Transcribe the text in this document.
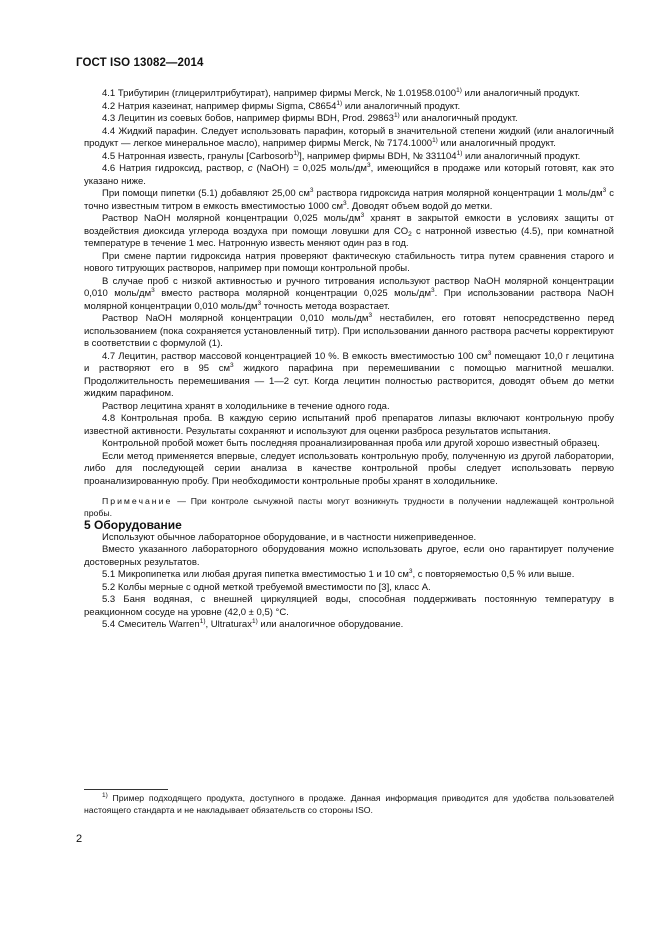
ГОСТ ISO 13082—2014

4.1 Трибутирин (глицерилтрибутират), например фирмы Merck, № 1.01958.0100$^{1)}$ или аналогичный продукт.

4.2 Натрия казеинат, например фирмы Sigma, C8654$^{1)}$ или аналогичный продукт.

4.3 Лецитин из соевых бобов, например фирмы BDH, Prod. 29863$^{1)}$ или аналогичный продукт.

4.4 Жидкий парафин. Следует использовать парафин, который в значительной степени жидкий (или аналогичный продукт — легкое минеральное масло), например фирмы Merck, № 7174.1000$^{1)}$ или аналогичный продукт.

4.5 Натронная известь, гранулы [Carbosorb$^{1)}$], например фирмы BDH, № 331104$^{1)}$ или аналогичный продукт.

4.6 Натрия гидроксид, раствор, c (NaOH) = 0,025 моль/$дм^3$, имеющийся в продаже или который готовят, как это указано ниже.

При помощи пипетки (5.1) добавляют 25,00 $см^3$ раствора гидроксида натрия молярной концентрации 1 моль/$дм^3$ с точно известным титром в емкость вместимостью 1000 $см^3$. Доводят объем водой до метки.

Раствор NaOH молярной концентрации 0,025 моль/$дм^3$ хранят в закрытой емкости в условиях защиты от воздействия диоксида углерода воздуха при помощи ловушки для $CO_2$ с натронной известью (4.5), при комнатной температуре в течение 1 мес. Натронную известь меняют один раз в год.

При смене партии гидроксида натрия проверяют фактическую стабильность титра путем сравнения старого и нового титрующих растворов, например при помощи контрольной пробы.

В случае проб с низкой активностью и ручного титрования используют раствор NaOH молярной концентрации 0,010 моль/$дм^3$ вместо раствора молярной концентрации 0,025 моль/$дм^3$. При использовании раствора NaOH молярной концентрации 0,010 моль/$дм^3$ точность метода возрастает.

Раствор NaOH молярной концентрации 0,010 моль/$дм^3$ нестабилен, его готовят непосредственно перед использованием (пока сохраняется установленный титр). При использовании данного раствора расчеты корректируют в соответствии с формулой (1).

4.7 Лецитин, раствор массовой концентрацией 10 %. В емкость вместимостью 100 $см^3$ помещают 10,0 г лецитина и растворяют его в 95 $см^3$ жидкого парафина при перемешивании с помощью магнитной мешалки. Продолжительность перемешивания — 1—2 сут. Когда лецитин полностью растворится, доводят объем до метки жидким парафином.

Раствор лецитина хранят в холодильнике в течение одного года.

4.8 Контрольная проба. В каждую серию испытаний проб препаратов липазы включают контрольную пробу известной активности. Результаты сохраняют и используют для оценки разброса результатов испытания.

Контрольной пробой может быть последняя проанализированная проба или другой хорошо известный образец.

Если метод применяется впервые, следует использовать контрольную пробу, полученную из другой лаборатории, либо для последующей серии анализа в качестве контрольной пробы следует использовать первую проанализированную пробу. При необходимости контрольные пробы хранят в холодильнике.

Примечание — При контроле сычужной пасты могут возникнуть трудности в получении надлежащей контрольной пробы.

5 Оборудование

Используют обычное лабораторное оборудование, и в частности нижеприведенное.

Вместо указанного лабораторного оборудования можно использовать другое, если оно гарантирует получение достоверных результатов.

5.1 Микропипетка или любая другая пипетка вместимостью 1 и 10 $см^3$, с повторяемостью 0,5 % или выше.

5.2 Колбы мерные с одной меткой требуемой вместимости по [3], класс А.

5.3 Баня водяная, с внешней циркуляцией воды, способная поддерживать постоянную температуру в реакционном сосуде на уровне (42,0 ± 0,5) °С.

5.4 Смеситель Warren$^{1)}$, Ultraturax$^{1)}$ или аналогичное оборудование.

$^{1)}$ Пример подходящего продукта, доступного в продаже. Данная информация приводится для удобства пользователей настоящего стандарта и не накладывает обязательств со стороны ISO.
2
